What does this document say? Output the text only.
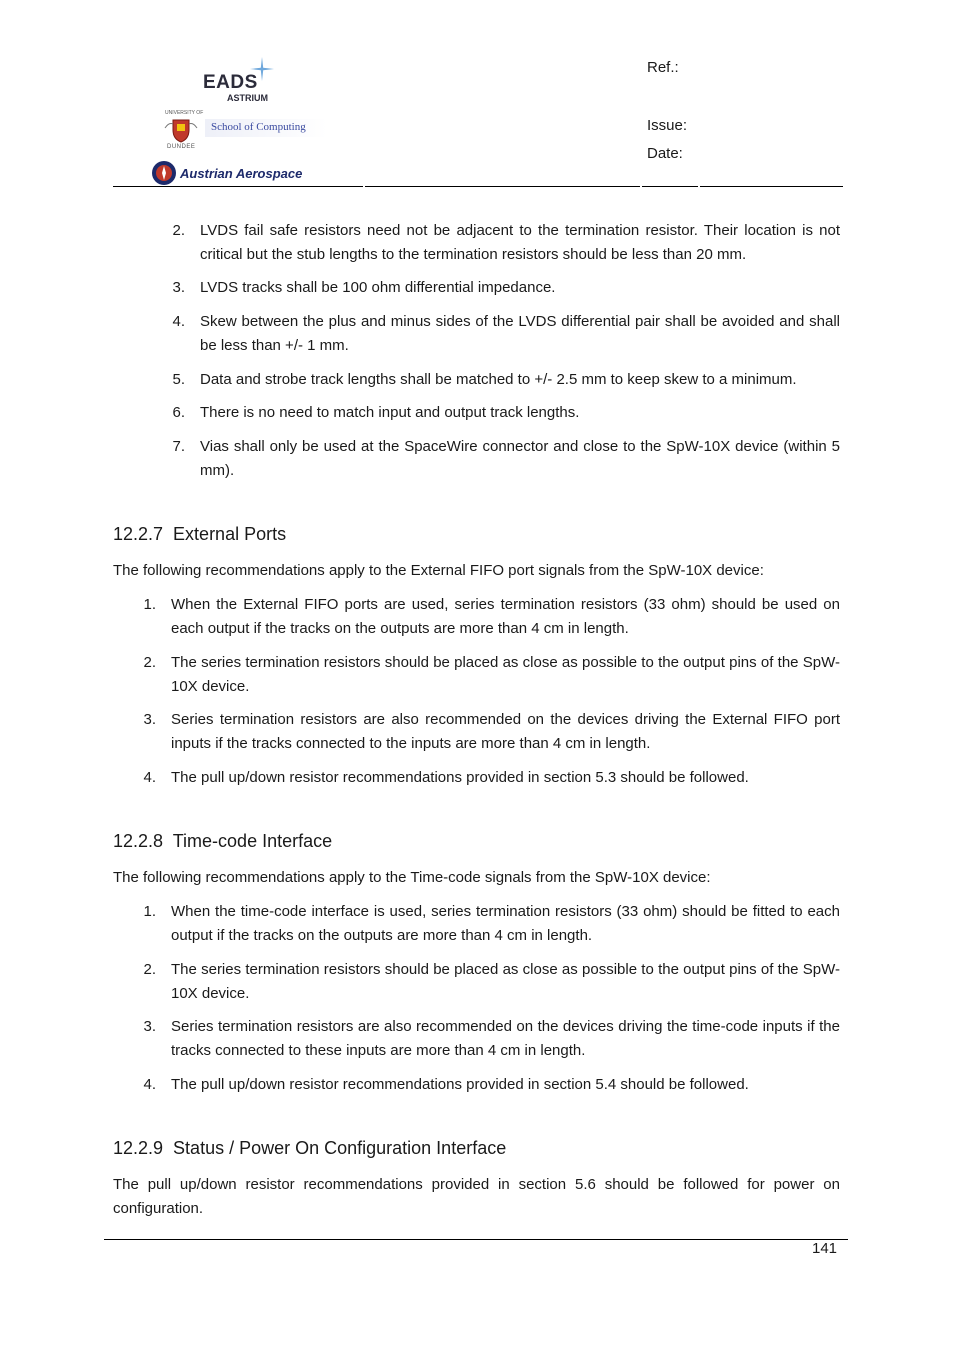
EADS
ASTRIUM
UNIVERSITY OF
DUNDEE
School of Computing
Austrian Aerospace
Ref.:
Issue:
Date:
2. LVDS fail safe resistors need not be adjacent to the termination resistor. Their location is not critical but the stub lengths to the termination resistors should be less than 20 mm.
3. LVDS tracks shall be 100 ohm differential impedance.
4. Skew between the plus and minus sides of the LVDS differential pair shall be avoided and shall be less than +/- 1 mm.
5. Data and strobe track lengths shall be matched to +/- 2.5 mm to keep skew to a minimum.
6. There is no need to match input and output track lengths.
7. Vias shall only be used at the SpaceWire connector and close to the SpW-10X device (within 5 mm).
12.2.7  External Ports
The following recommendations apply to the External FIFO port signals from the SpW-10X device:
1. When the External FIFO ports are used, series termination resistors (33 ohm) should be used on each output if the tracks on the outputs are more than 4 cm in length.
2. The series termination resistors should be placed as close as possible to the output pins of the SpW-10X device.
3. Series termination resistors are also recommended on the devices driving the External FIFO port inputs if the tracks connected to the inputs are more than 4 cm in length.
4. The pull up/down resistor recommendations provided in section 5.3 should be followed.
12.2.8  Time-code Interface
The following recommendations apply to the Time-code signals from the SpW-10X device:
1. When the time-code interface is used, series termination resistors (33 ohm) should be fitted to each output if the tracks on the outputs are more than 4 cm in length.
2. The series termination resistors should be placed as close as possible to the output pins of the SpW-10X device.
3. Series termination resistors are also recommended on the devices driving the time-code inputs if the tracks connected to these inputs are more than 4 cm in length.
4. The pull up/down resistor recommendations provided in section 5.4 should be followed.
12.2.9  Status / Power On Configuration Interface
The pull up/down resistor recommendations provided in section 5.6 should be followed for power on configuration.
141
